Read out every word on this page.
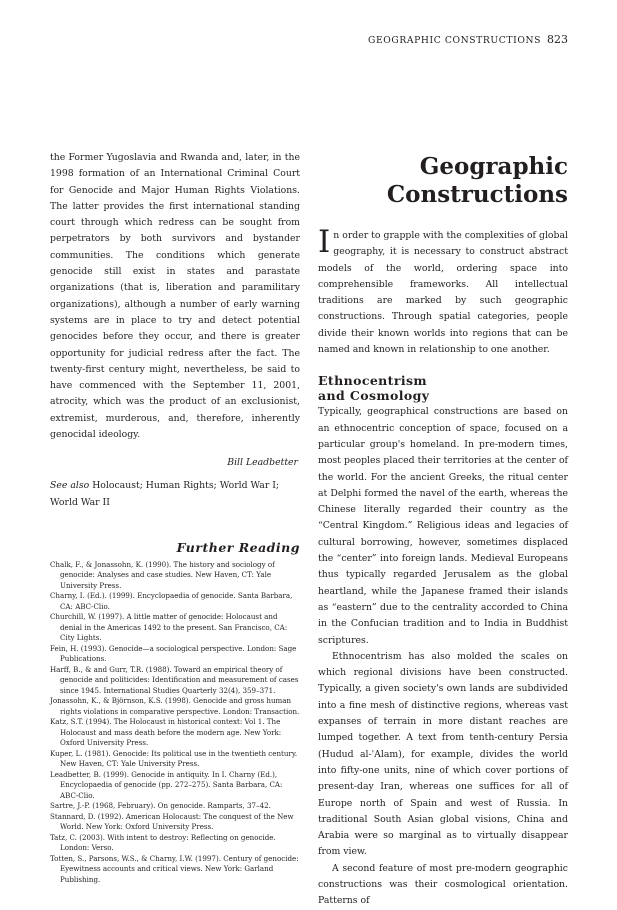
GEOGRAPHIC CONSTRUCTIONS 823

the Former Yugoslavia and Rwanda and, later, in the 1998 formation of an International Criminal Court for Genocide and Major Human Rights Violations. The latter provides the first international standing court through which redress can be sought from perpetrators by both survivors and bystander communities. The conditions which generate genocide still exist in states and parastate organizations (that is, liberation and paramilitary organizations), although a number of early warning systems are in place to try and detect potential genocides before they occur, and there is greater opportunity for judicial redress after the fact. The twenty-first century might, nevertheless, be said to have commenced with the September 11, 2001, atrocity, which was the product of an exclusionist, extremist, murderous, and, therefore, inherently genocidal ideology.

Bill Leadbetter

See also Holocaust; Human Rights; World War I; World War II

Further Reading
Chalk, F., & Jonassohn, K. (1990). The history and sociology of genocide: Analyses and case studies. New Haven, CT: Yale University Press.
Charny, I. (Ed.). (1999). Encyclopaedia of genocide. Santa Barbara, CA: ABC-Clio.
Churchill, W. (1997). A little matter of genocide: Holocaust and denial in the Americas 1492 to the present. San Francisco, CA: City Lights.
Fein, H. (1993). Genocide—a sociological perspective. London: Sage Publications.
Harff, B., & and Gurr, T.R. (1988). Toward an empirical theory of genocide and politicides: Identification and measurement of cases since 1945. International Studies Quarterly 32(4), 359–371.
Jonassohn, K., & Björnson, K.S. (1998). Genocide and gross human rights violations in comparative perspective. London: Transaction.
Katz, S.T. (1994). The Holocaust in historical context: Vol 1. The Holocaust and mass death before the modern age. New York: Oxford University Press.
Kuper, L. (1981). Genocide: Its political use in the twentieth century. New Haven, CT: Yale University Press.
Leadbetter, B. (1999). Genocide in antiquity. In I. Charny (Ed.), Encyclopaedia of genocide (pp. 272–275). Santa Barbara, CA: ABC-Clio.
Sartre, J.-P. (1968, February). On genocide. Ramparts, 37–42.
Stannard, D. (1992). American Holocaust: The conquest of the New World. New York: Oxford University Press.
Tatz, C. (2003). With intent to destroy: Reflecting on genocide. London: Verso.
Totten, S., Parsons, W.S., & Charny, I.W. (1997). Century of genocide: Eyewitness accounts and critical views. New York: Garland Publishing.
Geographic
Constructions

In order to grapple with the complexities of global geography, it is necessary to construct abstract models of the world, ordering space into comprehensible frameworks. All intellectual traditions are marked by such geographic constructions. Through spatial categories, people divide their known worlds into regions that can be named and known in relationship to one another.

Ethnocentrism
and Cosmology

Typically, geographical constructions are based on an ethnocentric conception of space, focused on a particular group's homeland. In pre-modern times, most peoples placed their territories at the center of the world. For the ancient Greeks, the ritual center at Delphi formed the navel of the earth, whereas the Chinese literally regarded their country as the “Central Kingdom.” Religious ideas and legacies of cultural borrowing, however, sometimes displaced the “center” into foreign lands. Medieval Europeans thus typically regarded Jerusalem as the global heartland, while the Japanese framed their islands as “eastern” due to the centrality accorded to China in the Confucian tradition and to India in Buddhist scriptures.

Ethnocentrism has also molded the scales on which regional divisions have been constructed. Typically, a given society's own lands are subdivided into a fine mesh of distinctive regions, whereas vast expanses of terrain in more distant reaches are lumped together. A text from tenth-century Persia (Hudud al-'Alam), for example, divides the world into fifty-one units, nine of which cover portions of present-day Iran, whereas one suffices for all of Europe north of Spain and west of Russia. In traditional South Asian global visions, China and Arabia were so marginal as to virtually disappear from view.

A second feature of most pre-modern geographic constructions was their cosmological orientation. Patterns of
